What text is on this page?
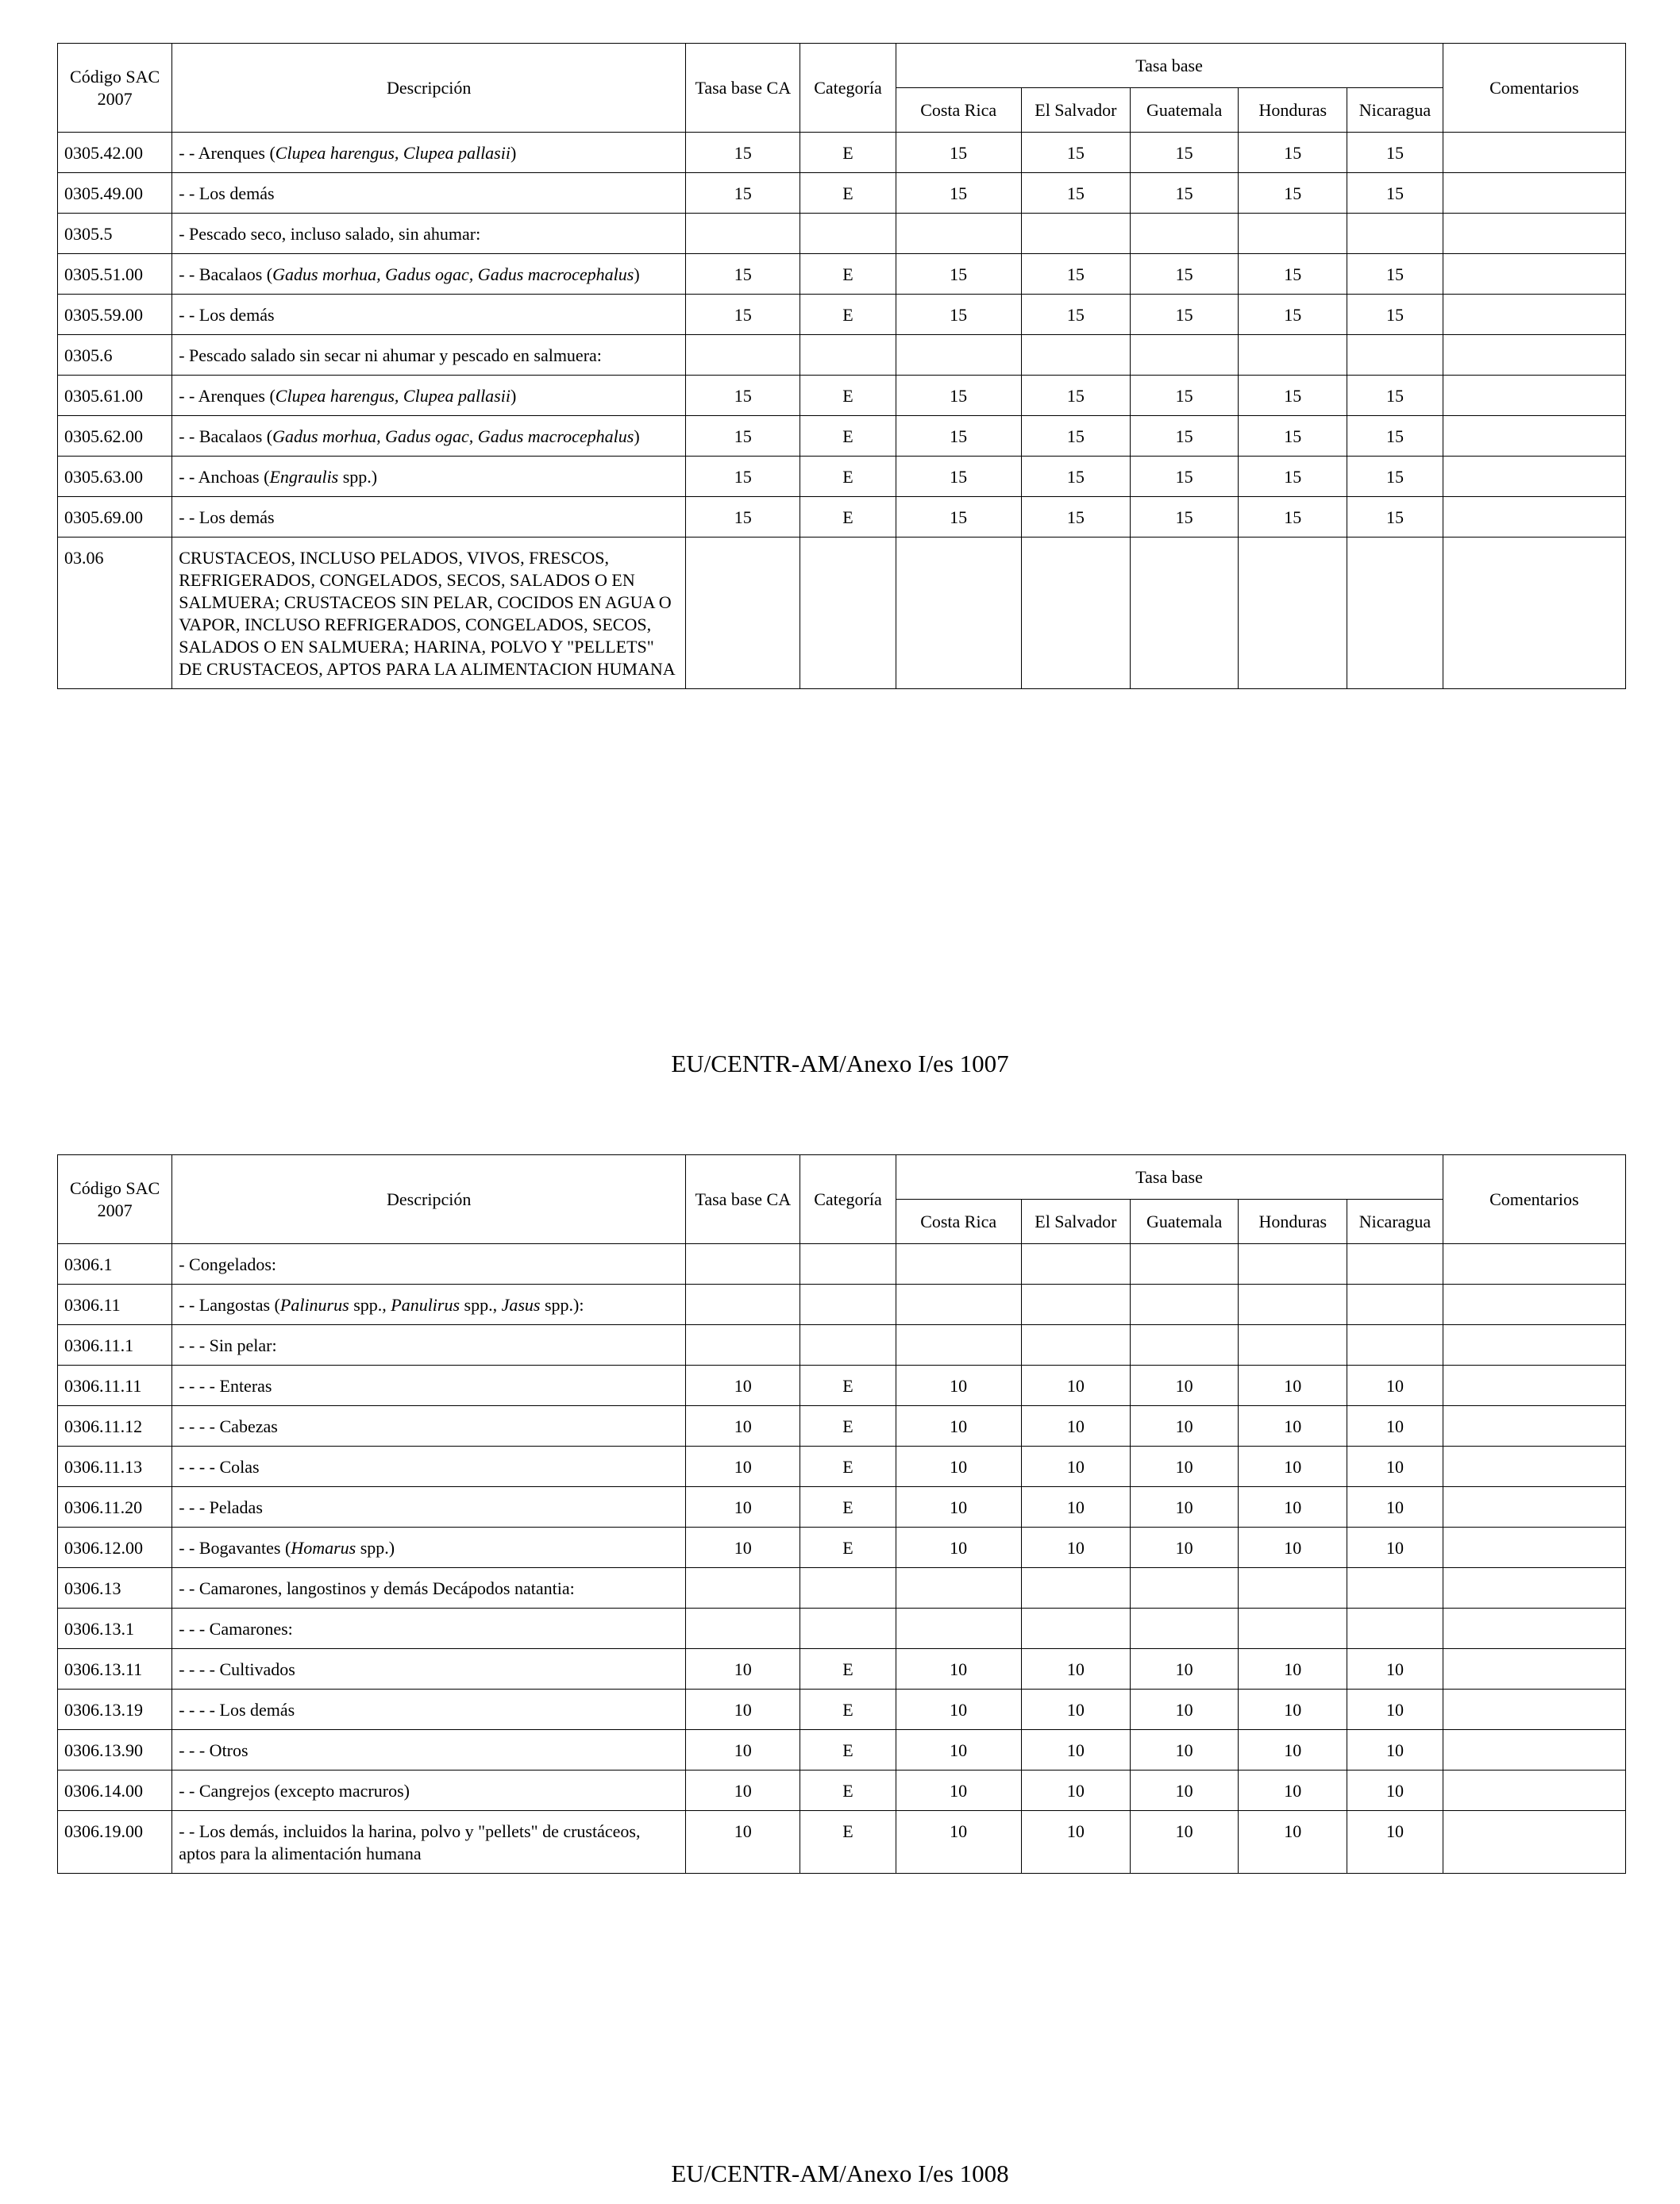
Código SAC 2007	Descripción	Tasa base CA	Categoría	Tasa base					Comentarios
				Costa Rica	El Salvador	Guatemala	Honduras	Nicaragua	
0305.42.00	- - Arenques (Clupea harengus, Clupea pallasii)	15	E	15	15	15	15	15	
0305.49.00	- - Los demás	15	E	15	15	15	15	15	
0305.5	- Pescado seco, incluso salado, sin ahumar:								
0305.51.00	- - Bacalaos (Gadus morhua, Gadus ogac, Gadus macrocephalus)	15	E	15	15	15	15	15	
0305.59.00	- - Los demás	15	E	15	15	15	15	15	
0305.6	- Pescado salado sin secar ni ahumar y pescado en salmuera:								
0305.61.00	- - Arenques (Clupea harengus, Clupea pallasii)	15	E	15	15	15	15	15	
0305.62.00	- - Bacalaos (Gadus morhua, Gadus ogac, Gadus macrocephalus)	15	E	15	15	15	15	15	
0305.63.00	- - Anchoas (Engraulis spp.)	15	E	15	15	15	15	15	
0305.69.00	- - Los demás	15	E	15	15	15	15	15	
03.06	CRUSTACEOS, INCLUSO PELADOS, VIVOS, FRESCOS, REFRIGERADOS, CONGELADOS, SECOS, SALADOS O EN SALMUERA; CRUSTACEOS SIN PELAR, COCIDOS EN AGUA O VAPOR, INCLUSO REFRIGERADOS, CONGELADOS, SECOS, SALADOS O EN SALMUERA; HARINA, POLVO Y "PELLETS" DE CRUSTACEOS, APTOS PARA LA ALIMENTACION HUMANA								
EU/CENTR-AM/Anexo I/es 1007
Código SAC 2007	Descripción	Tasa base CA	Categoría	Tasa base					Comentarios
				Costa Rica	El Salvador	Guatemala	Honduras	Nicaragua	
0306.1	- Congelados:								
0306.11	- - Langostas (Palinurus spp., Panulirus spp., Jasus spp.):								
0306.11.1	- - - Sin pelar:								
0306.11.11	- - - - Enteras	10	E	10	10	10	10	10	
0306.11.12	- - - - Cabezas	10	E	10	10	10	10	10	
0306.11.13	- - - - Colas	10	E	10	10	10	10	10	
0306.11.20	- - - Peladas	10	E	10	10	10	10	10	
0306.12.00	- - Bogavantes (Homarus spp.)	10	E	10	10	10	10	10	
0306.13	- - Camarones, langostinos y demás Decápodos natantia:								
0306.13.1	- - - Camarones:								
0306.13.11	- - - - Cultivados	10	E	10	10	10	10	10	
0306.13.19	- - - - Los demás	10	E	10	10	10	10	10	
0306.13.90	- - - Otros	10	E	10	10	10	10	10	
0306.14.00	- - Cangrejos (excepto macruros)	10	E	10	10	10	10	10	
0306.19.00	- - Los demás, incluidos la harina, polvo y "pellets" de crustáceos, aptos para la alimentación humana	10	E	10	10	10	10	10	
EU/CENTR-AM/Anexo I/es 1008
